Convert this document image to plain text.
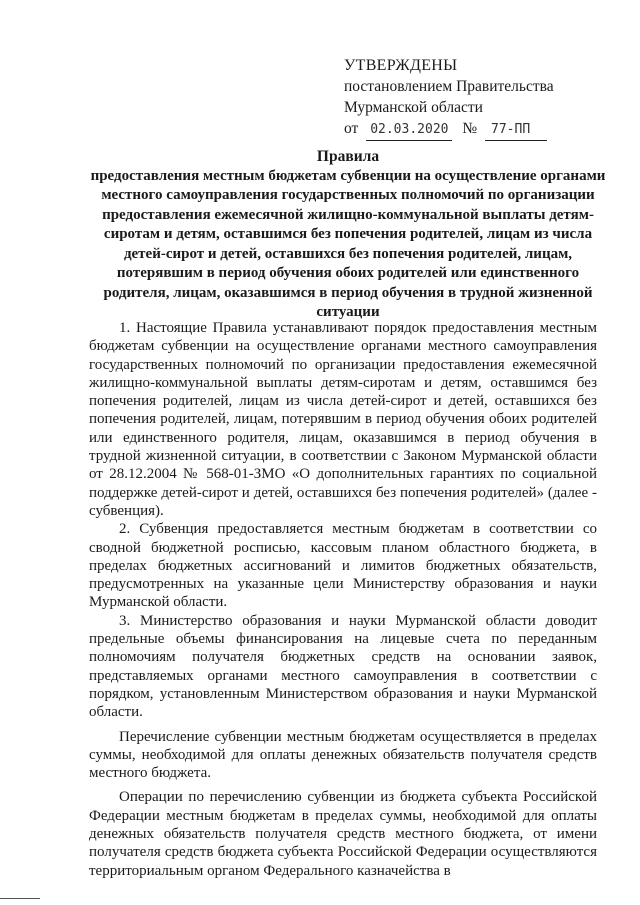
УТВЕРЖДЕНЫ
постановлением Правительства
Мурманской области
от 02.03.2020 № 77-ПП
Правила
предоставления местным бюджетам субвенции на осуществление органами местного самоуправления государственных полномочий по организации предоставления ежемесячной жилищно-коммунальной выплаты детям-сиротам и детям, оставшимся без попечения родителей, лицам из числа детей-сирот и детей, оставшихся без попечения родителей, лицам, потерявшим в период обучения обоих родителей или единственного родителя, лицам, оказавшимся в период обучения в трудной жизненной ситуации

1. Настоящие Правила устанавливают порядок предоставления местным бюджетам субвенции на осуществление органами местного самоуправления государственных полномочий по организации предоставления ежемесячной жилищно-коммунальной выплаты детям-сиротам и детям, оставшимся без попечения родителей, лицам из числа детей-сирот и детей, оставшихся без попечения родителей, лицам, потерявшим в период обучения обоих родителей или единственного родителя, лицам, оказавшимся в период обучения в трудной жизненной ситуации, в соответствии с Законом Мурманской области от 28.12.2004 № 568-01-ЗМО «О дополнительных гарантиях по социальной поддержке детей-сирот и детей, оставшихся без попечения родителей» (далее - субвенция).

2. Субвенция предоставляется местным бюджетам в соответствии со сводной бюджетной росписью, кассовым планом областного бюджета, в пределах бюджетных ассигнований и лимитов бюджетных обязательств, предусмотренных на указанные цели Министерству образования и науки Мурманской области.

3. Министерство образования и науки Мурманской области доводит предельные объемы финансирования на лицевые счета по переданным полномочиям получателя бюджетных средств на основании заявок, представляемых органами местного самоуправления в соответствии с порядком, установленным Министерством образования и науки Мурманской области.

Перечисление субвенции местным бюджетам осуществляется в пределах суммы, необходимой для оплаты денежных обязательств получателя средств местного бюджета.

Операции по перечислению субвенции из бюджета субъекта Российской Федерации местным бюджетам в пределах суммы, необходимой для оплаты денежных обязательств получателя средств местного бюджета, от имени получателя средств бюджета субъекта Российской Федерации осуществляются территориальным органом Федерального казначейства в
